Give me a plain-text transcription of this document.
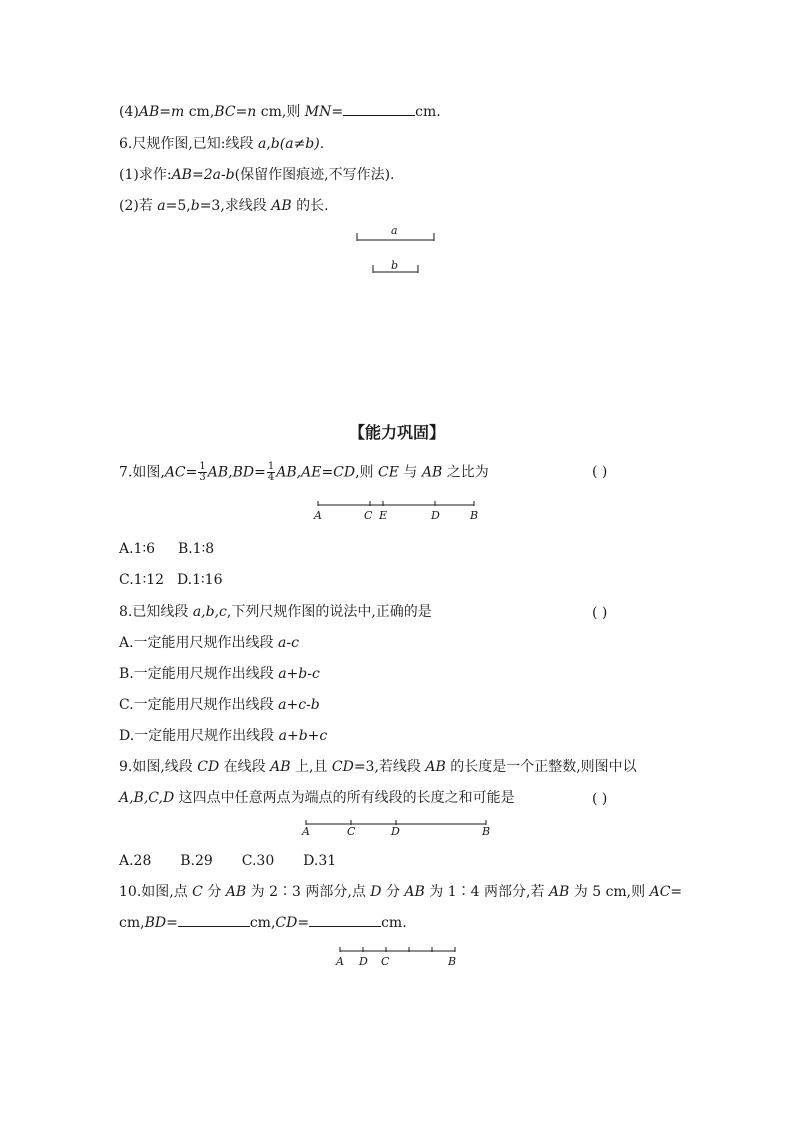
(4)AB=m cm,BC=n cm,则 MN=	cm.
6.尺规作图,已知:线段 a,b(a≠b).
(1)求作:AB=2a-b(保留作图痕迹,不写作法).
(2)若 a=5,b=3,求线段 AB 的长.
【能力巩固】
7.如图$,AC= \frac{1}{3} AB,BD= \frac{1}{4} AB,AE=CD$,则 CE 与 AB 之比为	( )
A.1∶6 B.1∶8
C.1∶12 D.1∶16
8.已知线段 a,b,c,下列尺规作图的说法中,正确的是	( )
A.一定能用尺规作出线段 a-c
B.一定能用尺规作出线段 a+b-c
C.一定能用尺规作出线段 a+c-b
D.一定能用尺规作出线段 a+b+c
9.如图,线段 CD 在线段 AB 上,且 CD=3,若线段 AB 的长度是一个正整数,则图中以
A,B,C,D 这四点中任意两点为端点的所有线段的长度之和可能是	( )
A.28 B.29 C.30 D.31
10.如图,点 C 分 AB 为 2∶3 两部分,点 D 分 AB 为 1∶4 两部分,若 AB 为 5 cm,则 AC=
cm,BD=	cm,CD=	cm.
a
b
A	C E	D	B
A	C	D	B
A D C	B
